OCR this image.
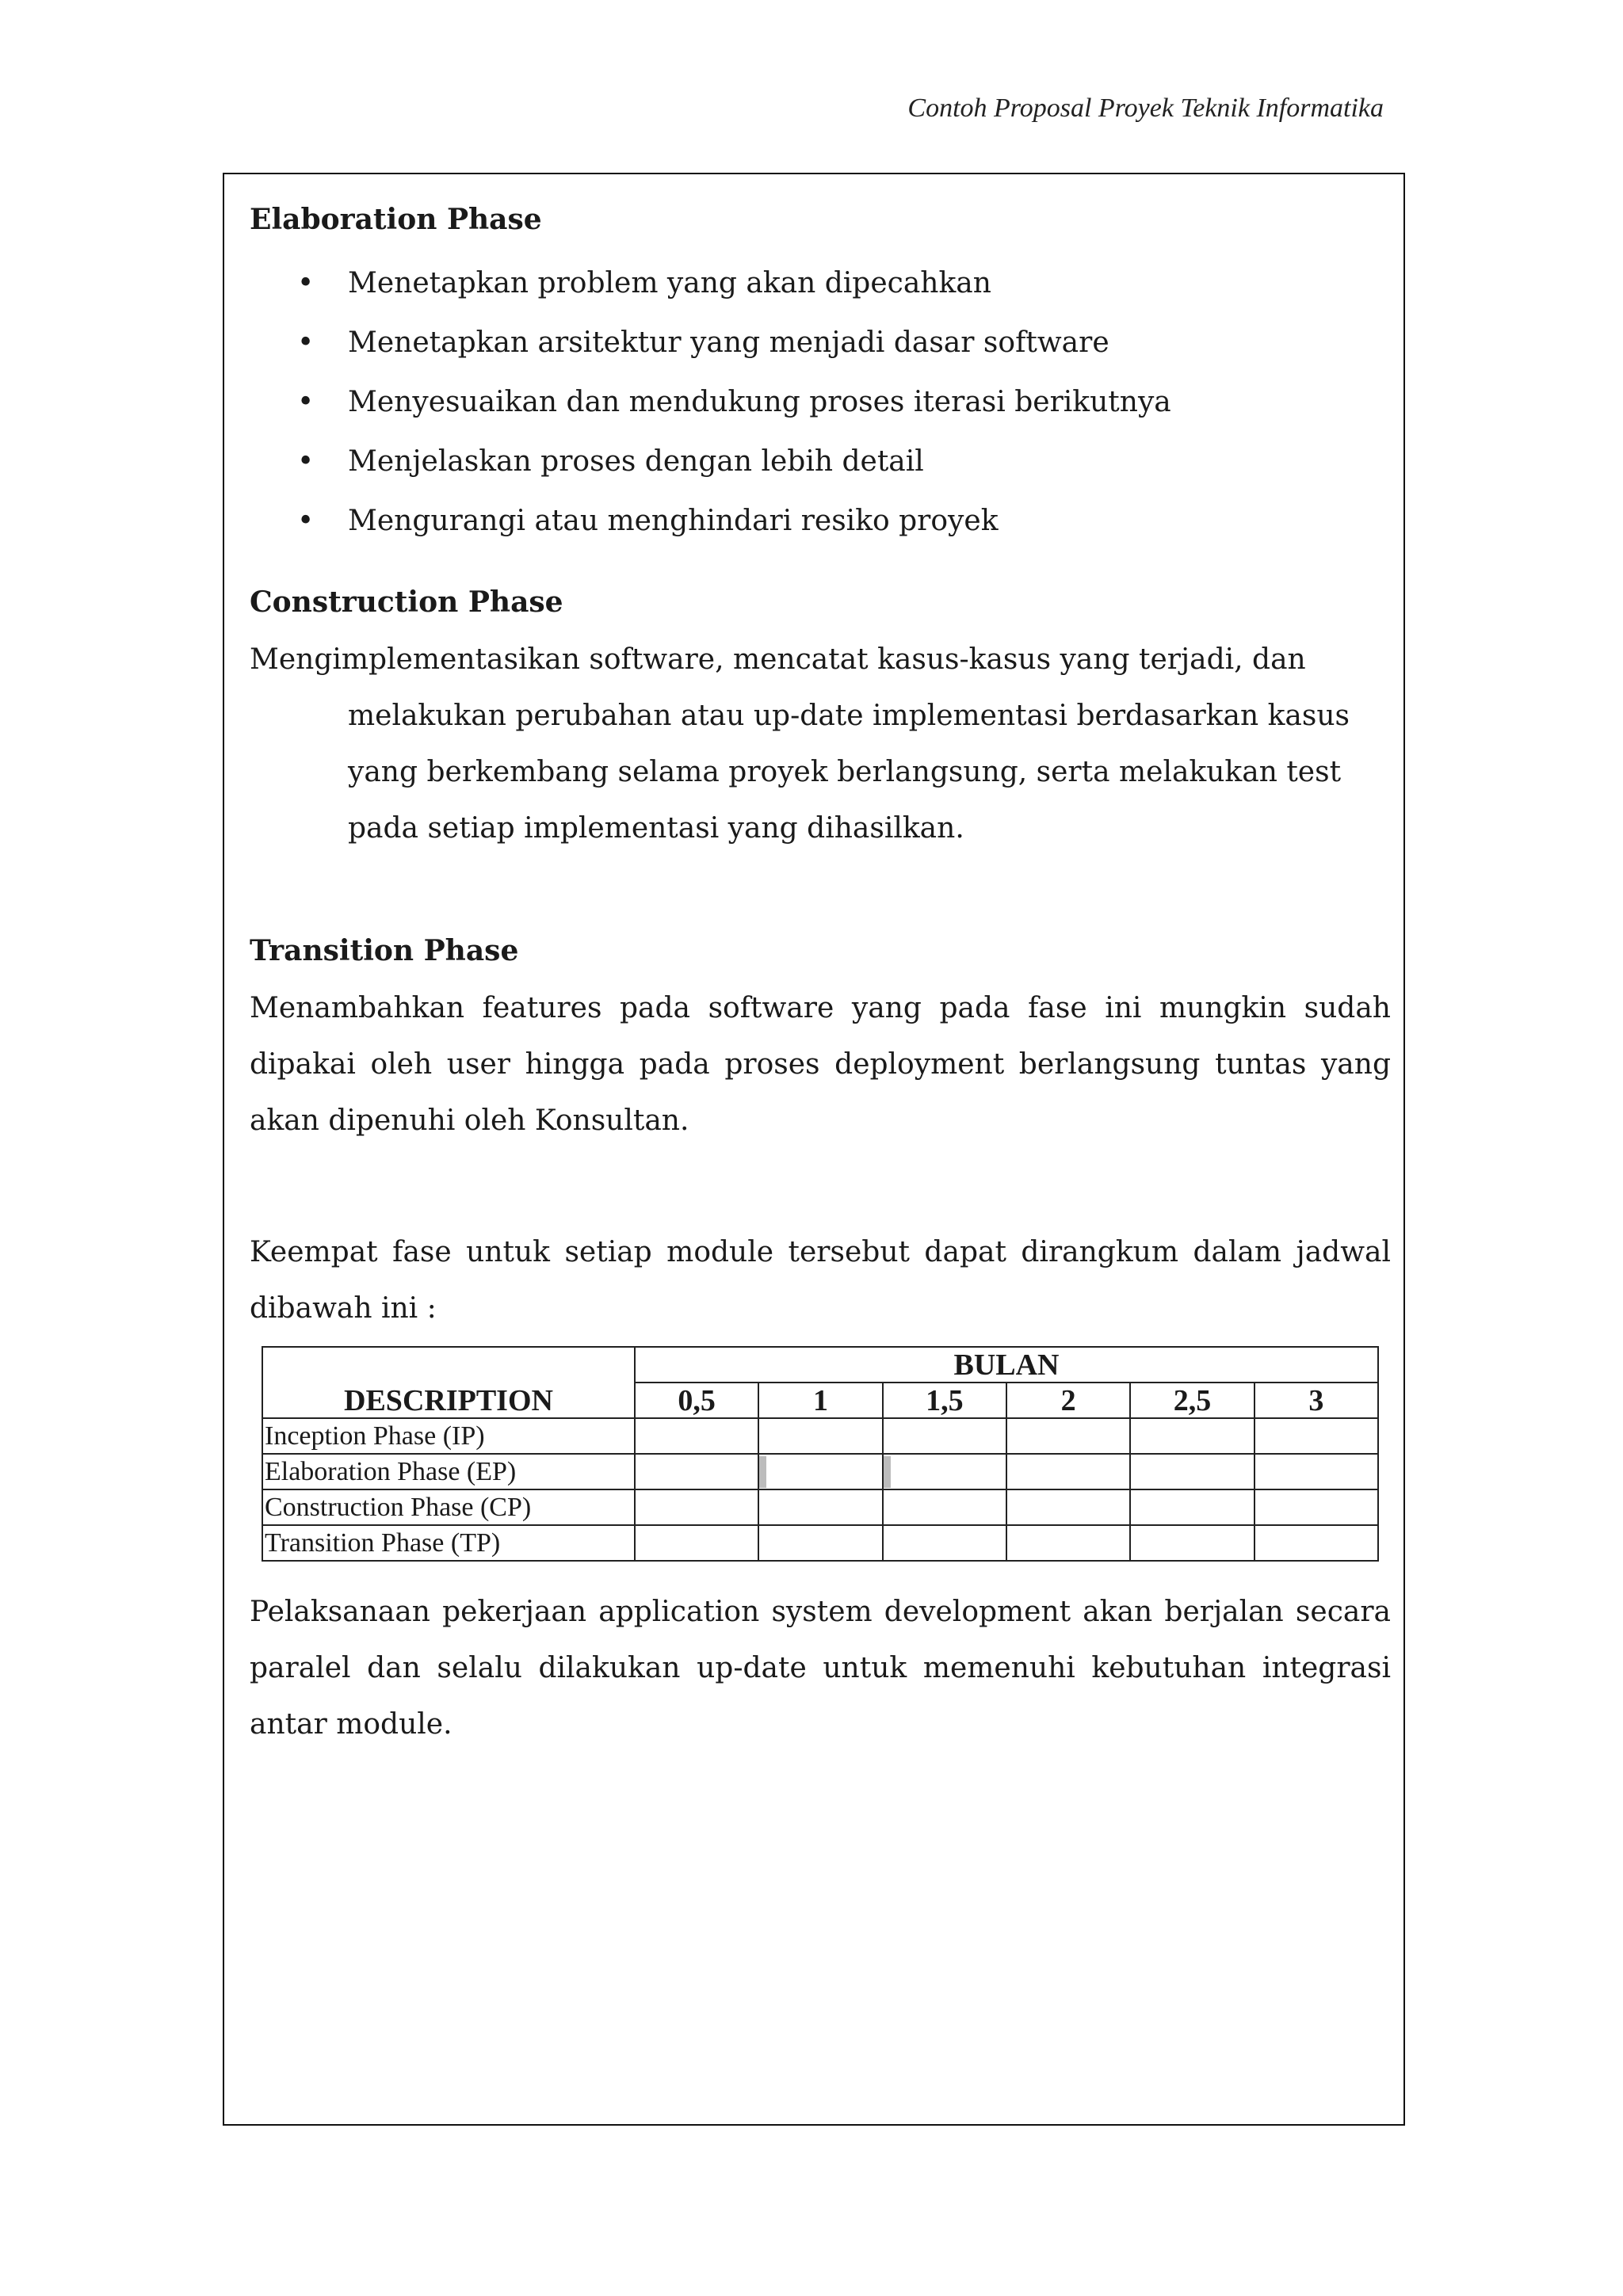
Contoh Proposal Proyek Teknik Informatika
Elaboration Phase
• Menetapkan problem yang akan dipecahkan
• Menetapkan arsitektur yang menjadi dasar software
• Menyesuaikan dan mendukung proses iterasi berikutnya
• Menjelaskan proses dengan lebih detail
• Mengurangi atau menghindari resiko proyek
Construction Phase

Mengimplementasikan software, mencatat kasus-kasus yang terjadi, dan melakukan perubahan atau up-date implementasi berdasarkan kasus yang berkembang selama proyek berlangsung, serta melakukan test pada setiap implementasi yang dihasilkan.

Transition Phase

Menambahkan features pada software yang pada fase ini mungkin sudah dipakai oleh user hingga pada proses deployment berlangsung tuntas yang akan dipenuhi oleh Konsultan.

Keempat fase untuk setiap module tersebut dapat dirangkum dalam jadwal dibawah ini :

DESCRIPTION	BULAN					
	0,5	1	1,5	2	2,5	3
Inception Phase (IP)						
Elaboration Phase (EP)						
Construction Phase (CP)						
Transition Phase (TP)						

Pelaksanaan pekerjaan application system development akan berjalan secara paralel dan selalu dilakukan up-date untuk memenuhi kebutuhan integrasi antar module.
